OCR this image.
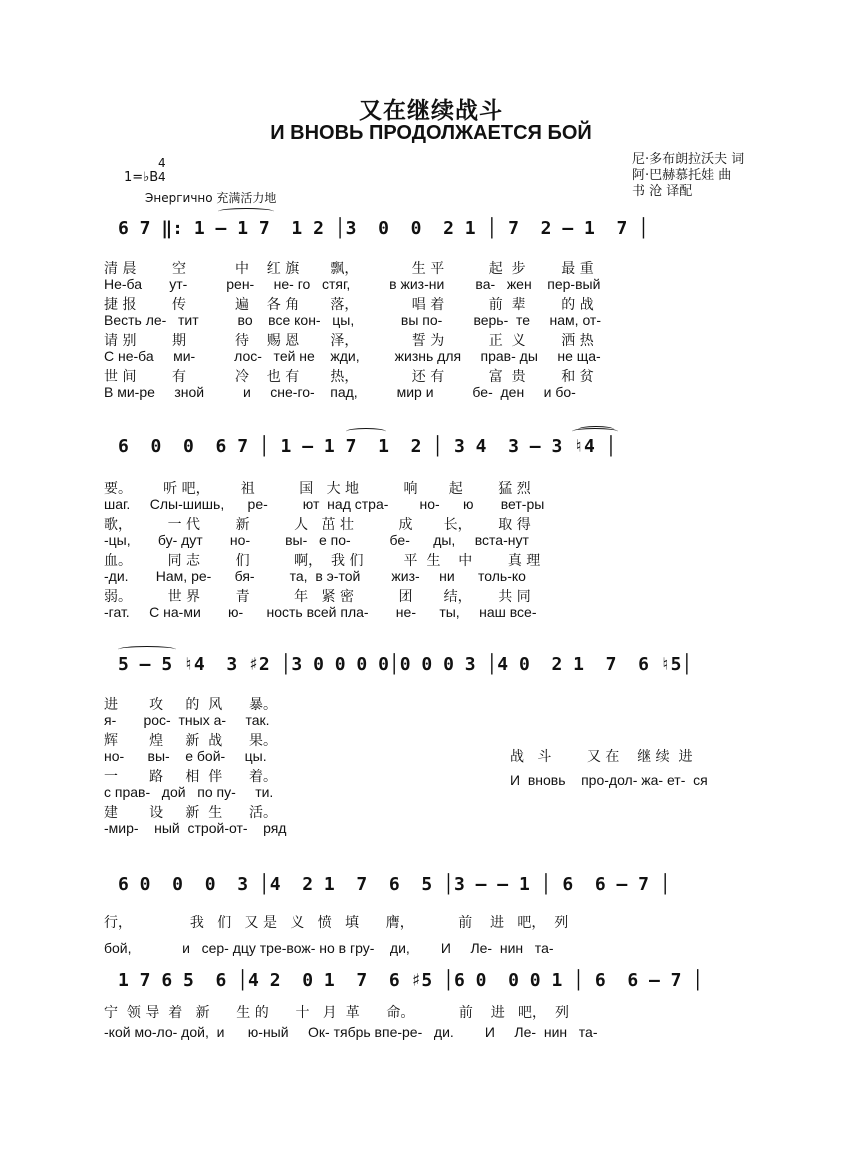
又在继续战斗
И ВНОВЬ ПРОДОЛЖАЕТСЯ БОЙ
尼·多布朗拉沃夫 词
阿·巴赫慕托娃 曲
书 沧 译配
1=♭B
4
4
Энергично 充满活力地
6 7 ‖: 1 – 1 7  1 2 │3  0  0  2 1 │ 7  2 – 1  7 │
清 晨        空           中    红 旗       飘，            生 平          起  步        最 重
Не-ба       ут-          рен-     не- го   стяг,          в жиз-ни        ва-   жен    пер-вый
捷 报        传           遍    各 角       落，            唱 着          前  辈        的 战
Весть ле-   тит          во    все кон-   цы,            вы по-        верь-  те     нам, от-
请 别        期           待    赐 恩       泽，            誓 为          正  义        洒 热
С не-ба     ми-          лос-   тей не    жди,         жизнь для     прав- ды     не ща-
世 间        有           冷    也 有       热，            还 有          富  贵        和 贫
В ми-ре     зной          и     сне-го-    пад,          мир и          бе-  ден     и бо-
6  0  0  6 7 │ 1 – 1 7  1  2 │ 3 4  3 – 3 ♮4 │
要。       听 吧，       祖          国   大 地          响       起        猛 烈
шаг.     Слы-шишь,      ре-         ют  над стра-        но-      ю       вет-ры
歌，        一 代        新          人   茁 壮          成       长，      取 得
-цы,       бу- дут       но-         вы-   е по-          бе-      ды,     вста-нут
血。        同 志        们          啊，  我 们         平  生    中        真 理
-ди.       Нам, ре-      бя-         та,  в э-той        жиз-     ни      толь-ко
弱。        世 界        青          年   紧 密          团       结，      共 同
-гат.     С на-ми       ю-      ность всей пла-       не-      ты,     наш все-
5 – 5 ♮4  3 ♯2 │3 0 0 0 0│0 0 0 3 │4 0  2 1  7  6 ♮5│
进       攻     的  风      暴。
я-       рос-  тных а-     так.
辉       煌     新  战      果。
но-      вы-    е бой-     цы.
一       路     相  伴      着。
с прав-   дой   по пу-     ти.
建       设     新  生      活。
-мир-    ный  строй-от-    ряд
战   斗        又 在    继 续  进
И  вновь    про-дол- жа- ет-  ся
6 0  0  0  3 │4  2 1  7  6  5 │3 – – 1 │ 6  6 – 7 │
行，             我   们   又 是   义   愤   填      膺，          前    进   吧，  列
бой,             и   сер- дцу тре-вож- но в гру-    ди,        И     Ле-  нин   та-
1 7 6 5  6 │4 2  0 1  7  6 ♯5 │6 0  0 0 1 │ 6  6 – 7 │
宁  领 导  着   新      生 的      十   月  革      命。          前    进   吧，  列
-кой мо-ло- дой,  и      ю-ный     Ок- тябрь впе-ре-   ди.        И     Ле-  нин   та-
